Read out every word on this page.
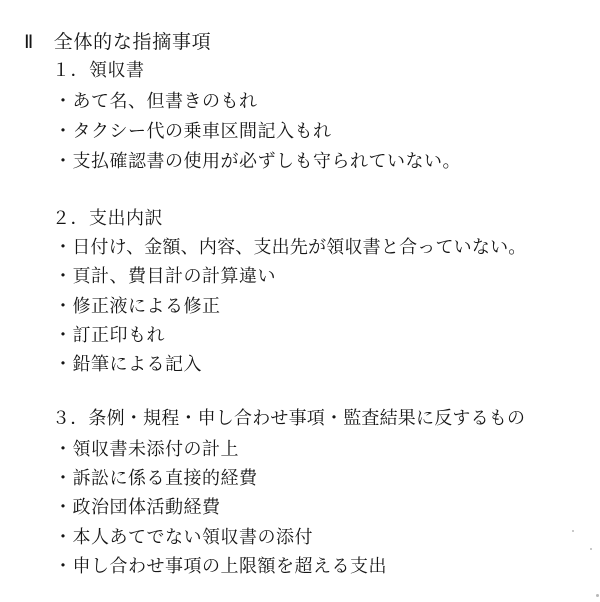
Ⅱ　全体的な指摘事項
１．領収書
・あて名、但書きのもれ
・タクシー代の乗車区間記入もれ
・支払確認書の使用が必ずしも守られていない。
２．支出内訳
・日付け、金額、内容、支出先が領収書と合っていない。
・頁計、費目計の計算違い
・修正液による修正
・訂正印もれ
・鉛筆による記入
３．条例・規程・申し合わせ事項・監査結果に反するもの
・領収書未添付の計上
・訴訟に係る直接的経費
・政治団体活動経費
・本人あてでない領収書の添付
・申し合わせ事項の上限額を超える支出
